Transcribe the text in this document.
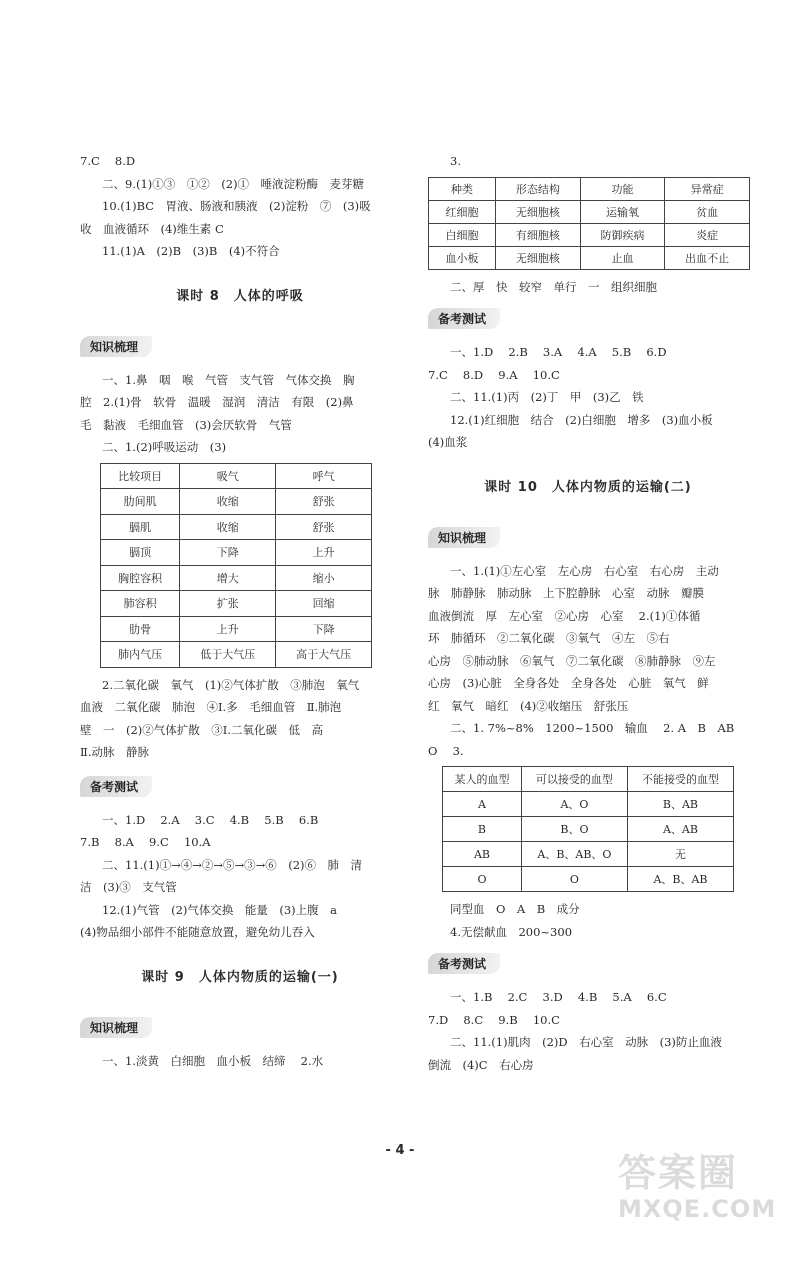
7.C　 8.D
二、9.(1)①③　①②　(2)①　唾液淀粉酶　麦芽糖
10.(1)BC　胃液、肠液和胰液　(2)淀粉　⑦　(3)吸
收　血液循环　(4)维生素 C
11.(1)A　(2)B　(3)B　(4)不符合
课时 8　人体的呼吸
知识梳理
一、1.鼻　咽　喉　气管　支气管　气体交换　胸
腔　2.(1)骨　软骨　温暖　湿润　清洁　有限　(2)鼻
毛　黏液　毛细血管　(3)会厌软骨　气管
二、1.(2)呼吸运动　(3)
比较项目	吸气	呼气
肋间肌	收缩	舒张
膈肌	收缩	舒张
膈顶	下降	上升
胸腔容积	增大	缩小
肺容积	扩张	回缩
肋骨	上升	下降
肺内气压	低于大气压	高于大气压
2.二氧化碳　氧气　(1)②气体扩散　③肺泡　氧气
血液　二氧化碳　肺泡　④Ⅰ.多　毛细血管　Ⅱ.肺泡
壁　一　(2)②气体扩散　③Ⅰ.二氧化碳　低　高
Ⅱ.动脉　静脉
备考测试
一、1.D　 2.A　 3.C　 4.B　 5.B　 6.B
7.B　 8.A　 9.C　 10.A
二、11.(1)①→④→②→⑤→③→⑥　(2)⑥　肺　清
洁　(3)③　支气管
12.(1)气管　(2)气体交换　能量　(3)上腹　a
(4)物品细小部件不能随意放置，避免幼儿吞入
课时 9　人体内物质的运输(一)
知识梳理
一、1.淡黄　白细胞　血小板　结缔　 2.水
3.
种类	形态结构	功能	异常症
红细胞	无细胞核	运输氧	贫血
白细胞	有细胞核	防御疾病	炎症
血小板	无细胞核	止血	出血不止
二、厚　快　较窄　单行　一　组织细胞
备考测试
一、1.D　 2.B　 3.A　 4.A　 5.B　 6.D
7.C　 8.D　 9.A　 10.C
二、11.(1)丙　(2)丁　甲　(3)乙　铁
12.(1)红细胞　结合　(2)白细胞　增多　(3)血小板
(4)血浆
课时 10　人体内物质的运输(二)
知识梳理
一、1.(1)①左心室　左心房　右心室　右心房　主动
脉　肺静脉　肺动脉　上下腔静脉　心室　动脉　瓣膜
血液倒流　厚　左心室　②心房　心室　 2.(1)①体循
环　肺循环　②二氧化碳　③氧气　④左　⑤右
心房　⑤肺动脉　⑥氧气　⑦二氧化碳　⑧肺静脉　⑨左
心房　(3)心脏　全身各处　全身各处　心脏　氧气　鲜
红　氧气　暗红　(4)②收缩压　舒张压
二、1. 7%~8%　1200~1500　输血　 2. A　B　AB
O　 3.
某人的血型	可以接受的血型	不能接受的血型
A	A、O	B、AB
B	B、O	A、AB
AB	A、B、AB、O	无
O	O	A、B、AB
同型血　O　A　B　成分
4.无偿献血　200~300
备考测试
一、1.B　 2.C　 3.D　 4.B　 5.A　 6.C
7.D　 8.C　 9.B　 10.C
二、11.(1)肌肉　(2)D　右心室　动脉　(3)防止血液
倒流　(4)C　右心房
- 4 -
答案圈
MXQE.COM
